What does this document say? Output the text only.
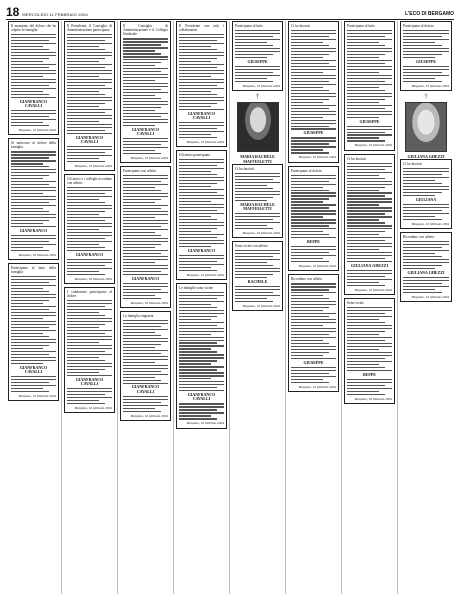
18 MERCOLEDÌ 11 FEBBRAIO 2004	L'ECO DI BERGAMO
Il momento del dolore che ha colpito la famiglia
GIANFRANCO CAVALLI
Bergamo, 10 febbraio 2004
Si uniscono al dolore della famiglia
GIANFRANCO
Bergamo, 10 febbraio 2004
Partecipano al lutto della famiglia
GIANFRANCO CAVALLI
Bergamo, 10 febbraio 2004
Il Presidente, il Consiglio di Amministrazione partecipano
GIANFRANCO CAVALLI
Bergamo, 10 febbraio 2004
Gli amici e i colleghi ricordano con affetto
GIANFRANCO
Bergamo, 10 febbraio 2004
I condomini partecipano al dolore
GIANFRANCO CAVALLI
Bergamo, 10 febbraio 2004
Il Consiglio di Amministrazione e il Collegio Sindacale
GIANFRANCO CAVALLI
Bergamo, 10 febbraio 2004
Partecipano con affetto
GIANFRANCO
Bergamo, 10 febbraio 2004
La famiglia ringrazia
GIANFRANCO CAVALLI
Bergamo, 10 febbraio 2004
Il Presidente con tutti i collaboratori
GIANFRANCO CAVALLI
Bergamo, 10 febbraio 2004
Gli amici partecipano
GIANFRANCO
Bergamo, 10 febbraio 2004
Le famiglie sono vicine
GIANFRANCO CAVALLI
Bergamo, 10 febbraio 2004
Partecipano al lutto
GIUSEPPE
Bergamo, 10 febbraio 2004
†
MARIA RACHELE MAFFIOLETTI
Ci ha lasciati
MARIA RACHELE MAFFIOLETTI
Bergamo, 10 febbraio 2004
Sono vicini con affetto
RACHELE
Bergamo, 10 febbraio 2004
Ci ha lasciati
GIUSEPPE
Bergamo, 10 febbraio 2004
Partecipano al dolore
BEPPE
Bergamo, 10 febbraio 2004
Ricordano con affetto
GIUSEPPE
Bergamo, 10 febbraio 2004
Partecipano al lutto
GIUSEPPE
Bergamo, 10 febbraio 2004
Ci ha lasciati
GIULIANA GHEZZI
Bergamo, 10 febbraio 2004
Sono vicini
BEPPE
Bergamo, 10 febbraio 2004
Partecipano al dolore
GIUSEPPE
Bergamo, 10 febbraio 2004
†
GIULIANA GHEZZI
Ci ha lasciati
GIULIANA
Bergamo, 10 febbraio 2004
Ricordano con affetto
GIULIANA GHEZZI
Bergamo, 10 febbraio 2004
